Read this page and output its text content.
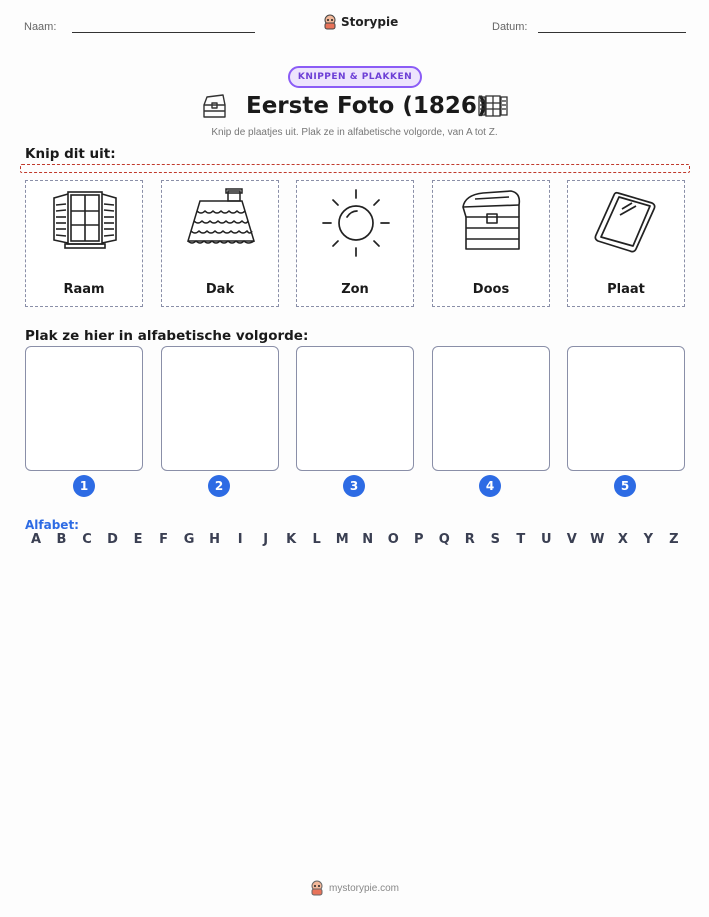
Naam:	Storypie	Datum:
KNIPPEN & PLAKKEN
Eerste Foto (1826)
Knip de plaatjes uit. Plak ze in alfabetische volgorde, van A tot Z.
Knip dit uit:
Raam	Dak	Zon	Doos	Plaat
Plak ze hier in alfabetische volgorde:
1	2	3	4	5
Alfabet:
A	B	C	D	E	F	G	H	I	J	K	L	M	N	O	P	Q	R	S	T	U	V	W	X	Y	Z
mystorypie.com
